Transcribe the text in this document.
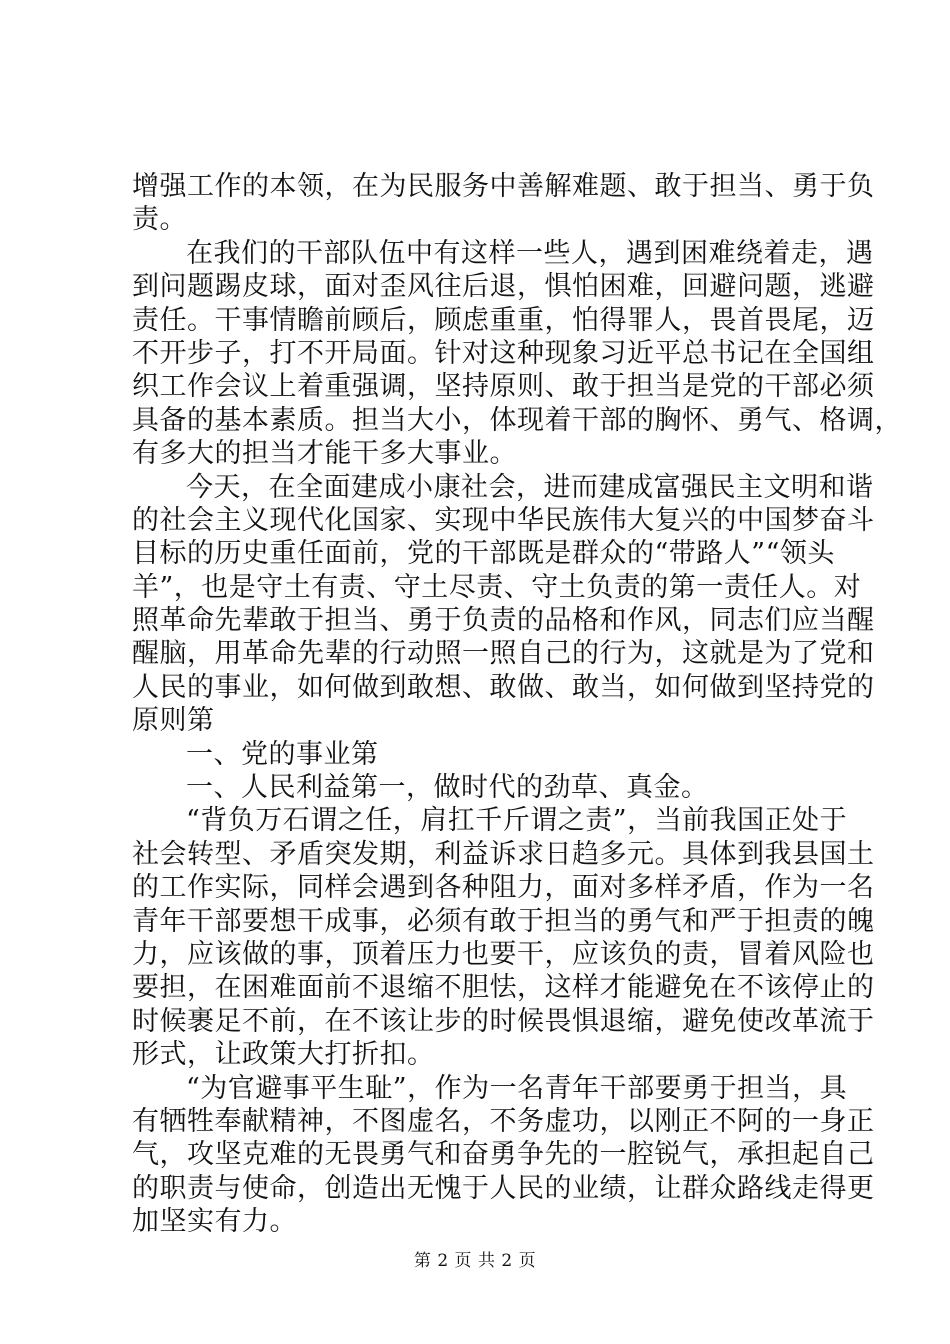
增强工作的本领，在为民服务中善解难题、敢于担当、勇于负
责。
在我们的干部队伍中有这样一些人，遇到困难绕着走，遇
到问题踢皮球，面对歪风往后退，惧怕困难，回避问题，逃避
责任。干事情瞻前顾后，顾虑重重，怕得罪人，畏首畏尾，迈
不开步子，打不开局面。针对这种现象习近平总书记在全国组
织工作会议上着重强调，坚持原则、敢于担当是党的干部必须
具备的基本素质。担当大小，体现着干部的胸怀、勇气、格调，
有多大的担当才能干多大事业。
今天，在全面建成小康社会，进而建成富强民主文明和谐
的社会主义现代化国家、实现中华民族伟大复兴的中国梦奋斗
目标的历史重任面前，党的干部既是群众的“带路人”“领头
羊”，也是守土有责、守土尽责、守土负责的第一责任人。对
照革命先辈敢于担当、勇于负责的品格和作风，同志们应当醒
醒脑，用革命先辈的行动照一照自己的行为，这就是为了党和
人民的事业，如何做到敢想、敢做、敢当，如何做到坚持党的
原则第
一、党的事业第
一、人民利益第一，做时代的劲草、真金。
“背负万石谓之任，肩扛千斤谓之责”，当前我国正处于
社会转型、矛盾突发期，利益诉求日趋多元。具体到我县国土
的工作实际，同样会遇到各种阻力，面对多样矛盾，作为一名
青年干部要想干成事，必须有敢于担当的勇气和严于担责的魄
力，应该做的事，顶着压力也要干，应该负的责，冒着风险也
要担，在困难面前不退缩不胆怯，这样才能避免在不该停止的
时候裹足不前，在不该让步的时候畏惧退缩，避免使改革流于
形式，让政策大打折扣。
“为官避事平生耻”，作为一名青年干部要勇于担当，具
有牺牲奉献精神，不图虚名，不务虚功，以刚正不阿的一身正
气，攻坚克难的无畏勇气和奋勇争先的一腔锐气，承担起自己
的职责与使命，创造出无愧于人民的业绩，让群众路线走得更
加坚实有力。
第 2 页 共 2 页
